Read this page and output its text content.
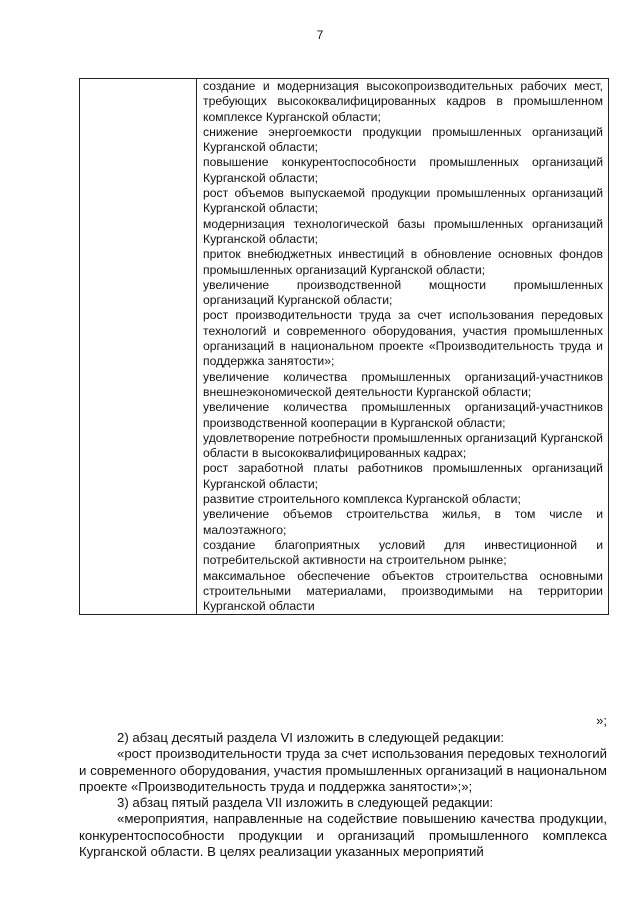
7

создание и модернизация высокопроизводительных рабочих мест, требующих высококвалифицированных кадров в промышленном комплексе Курганской области;
снижение энергоемкости продукции промышленных организаций Курганской области;
повышение конкурентоспособности промышленных организаций Курганской области;
рост объемов выпускаемой продукции промышленных организаций Курганской области;
модернизация технологической базы промышленных организаций Курганской области;
приток внебюджетных инвестиций в обновление основных фондов промышленных организаций Курганской области;
увеличение производственной мощности промышленных организаций Курганской области;
рост производительности труда за счет использования передовых технологий и современного оборудования, участия промышленных организаций в национальном проекте «Производительность труда и поддержка занятости»;
увеличение количества промышленных организаций-участников внешнеэкономической деятельности Курганской области;
увеличение количества промышленных организаций-участников производственной кооперации в Курганской области;
удовлетворение потребности промышленных организаций Курганской области в высококвалифицированных кадрах;
рост заработной платы работников промышленных организаций Курганской области;
развитие строительного комплекса Курганской области;
увеличение объемов строительства жилья, в том числе и малоэтажного;
создание благоприятных условий для инвестиционной и потребительской активности на строительном рынке;
максимальное обеспечение объектов строительства основными строительными материалами, производимыми на территории Курганской области
»;
2) абзац десятый раздела VI изложить в следующей редакции:
«рост производительности труда за счет использования передовых технологий и современного оборудования, участия промышленных организаций в национальном проекте «Производительность труда и поддержка занятости»;»;
3) абзац пятый раздела VII изложить в следующей редакции:
«мероприятия, направленные на содействие повышению качества продукции, конкурентоспособности продукции и организаций промышленного комплекса Курганской области. В целях реализации указанных мероприятий
